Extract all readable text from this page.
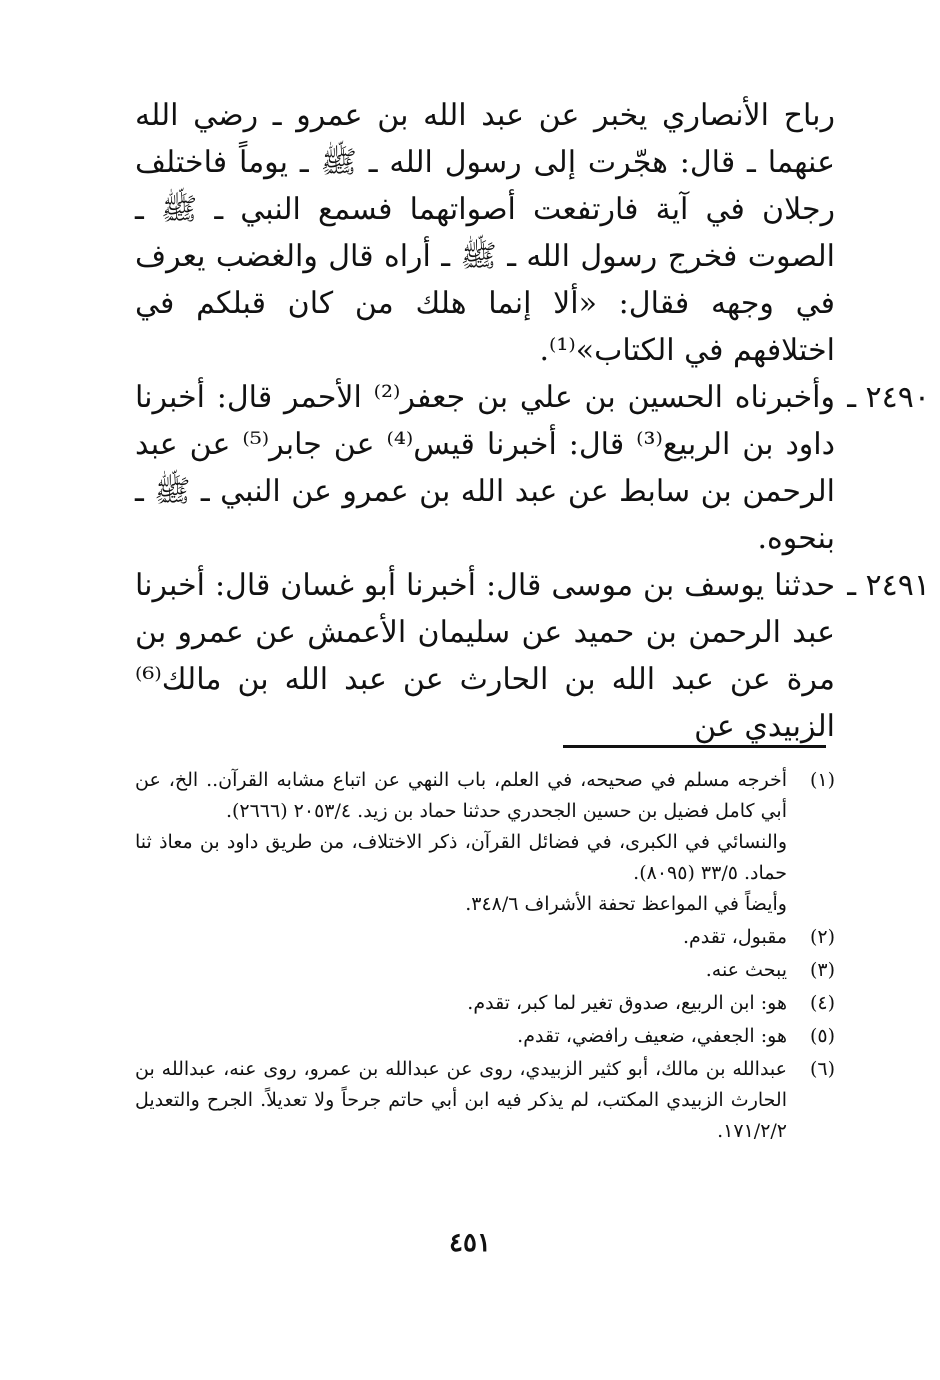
رباح الأنصاري يخبر عن عبد الله بن عمرو ـ رضي الله عنهما ـ قال: هجّرت إلى رسول الله ـ ﷺ ـ يوماً فاختلف رجلان في آية فارتفعت أصواتهما فسمع النبي ـ ﷺ ـ الصوت فخرج رسول الله ـ ﷺ ـ أراه قال والغضب يعرف في وجهه فقال: «ألا إنما هلك من كان قبلكم في اختلافهم في الكتاب»⁽¹⁾.

٢٤٩٠ ـ
وأخبرناه الحسين بن علي بن جعفر⁽²⁾ الأحمر قال: أخبرنا داود بن الربيع⁽³⁾ قال: أخبرنا قيس⁽⁴⁾ عن جابر⁽⁵⁾ عن عبد الرحمن بن سابط عن عبد الله بن عمرو عن النبي ـ ﷺ ـ بنحوه.
٢٤٩١ ـ
حدثنا يوسف بن موسى قال: أخبرنا أبو غسان قال: أخبرنا عبد الرحمن بن حميد عن سليمان الأعمش عن عمرو بن مرة عن عبد الله بن الحارث عن عبد الله بن مالك⁽⁶⁾ الزبيدي عن
(١)
أخرجه مسلم في صحيحه، في العلم، باب النهي عن اتباع مشابه القرآن.. الخ، عن أبي كامل فضيل بن حسين الجحدري حدثنا حماد بن زيد. ٢٠٥٣/٤ (٢٦٦٦).
والنسائي في الكبرى، في فضائل القرآن، ذكر الاختلاف، من طريق داود بن معاذ ثنا حماد. ٣٣/٥ (٨٠٩٥).
وأيضاً في المواعظ تحفة الأشراف ٣٤٨/٦.
(٢)
مقبول، تقدم.
(٣)
يبحث عنه.
(٤)
هو: ابن الربيع، صدوق تغير لما كبر، تقدم.
(٥)
هو: الجعفي، ضعيف رافضي، تقدم.
(٦)
عبدالله بن مالك، أبو كثير الزبيدي، روى عن عبدالله بن عمرو، روى عنه، عبدالله بن الحارث الزبيدي المكتب، لم يذكر فيه ابن أبي حاتم جرحاً ولا تعديلاً. الجرح والتعديل ١٧١/٢/٢.
٤٥١
